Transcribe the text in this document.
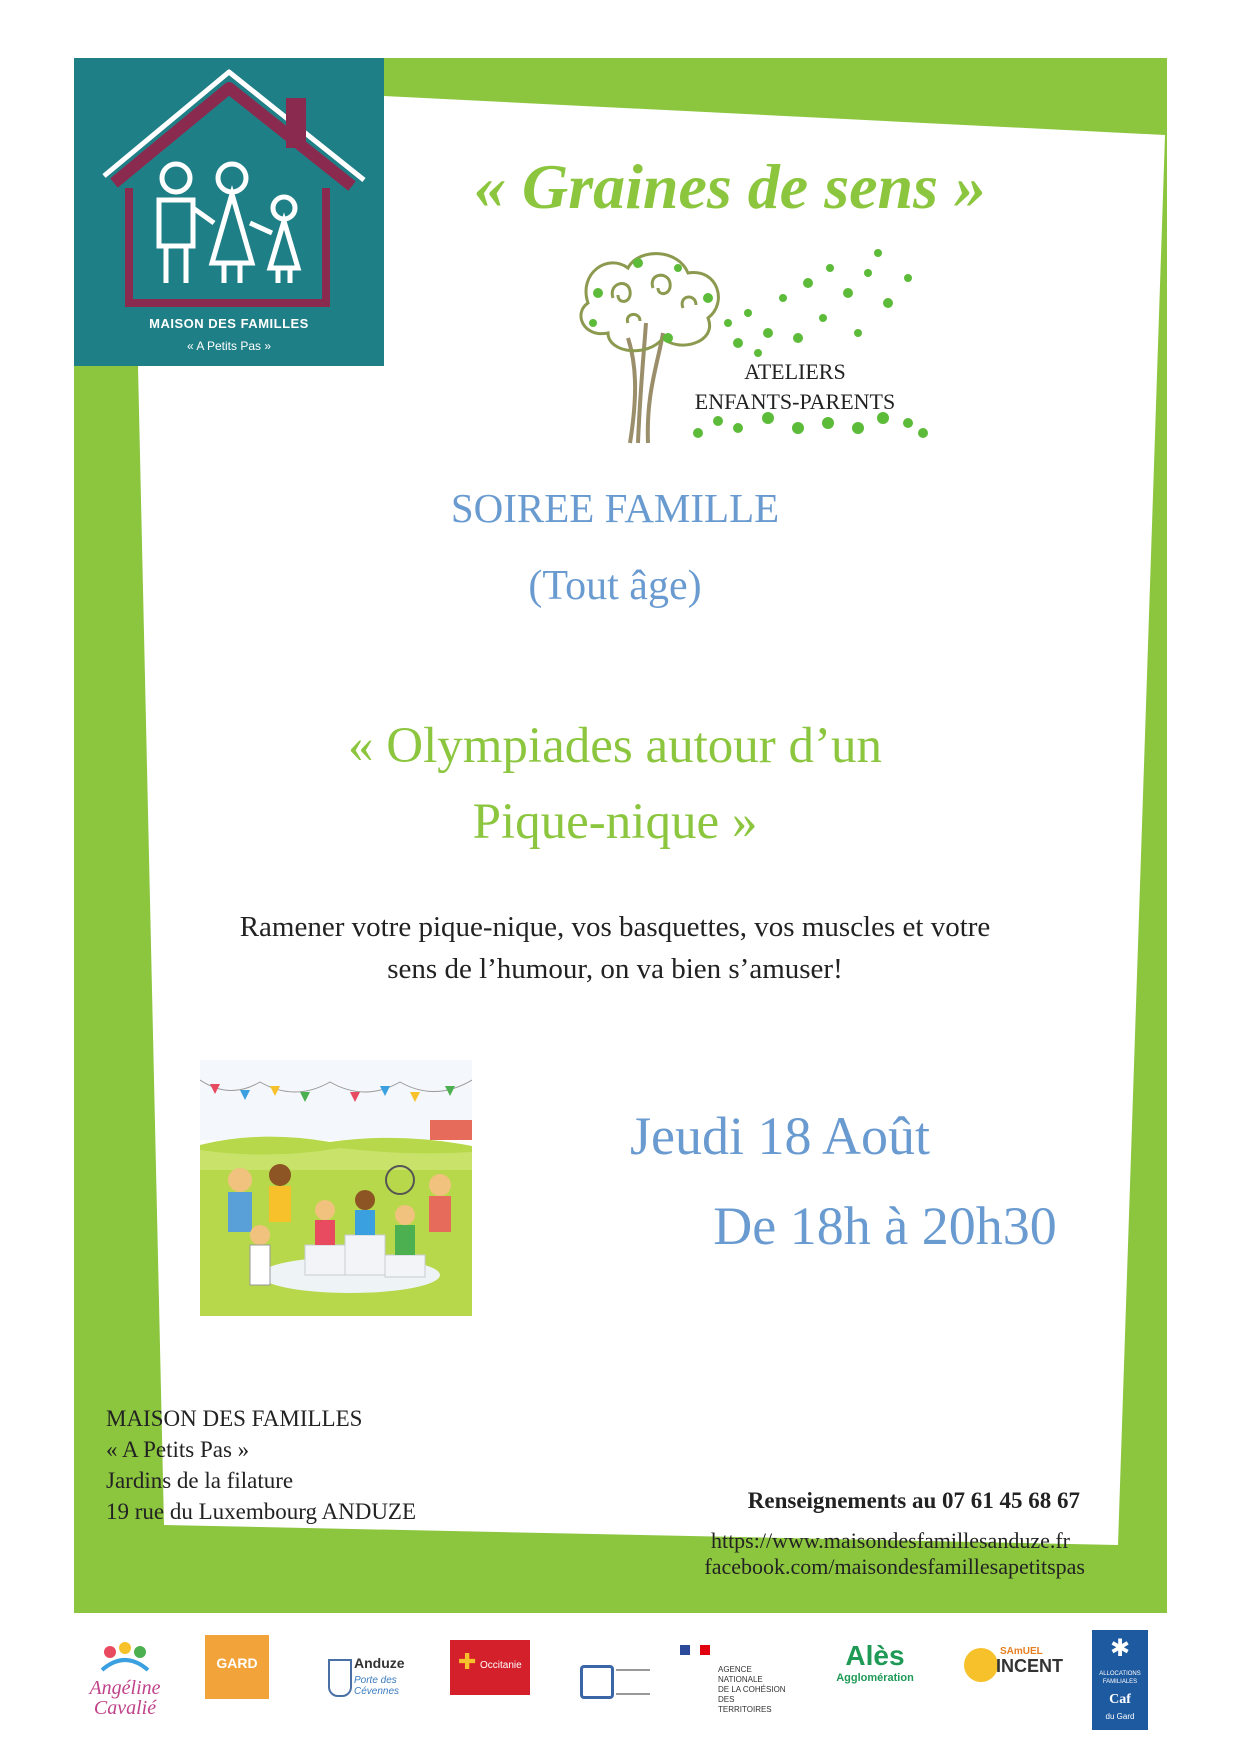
MAISON DES FAMILLES
« A Petits Pas »
« Graines de sens »
ATELIERS
ENFANTS-PARENTS
SOIREE FAMILLE
(Tout âge)
« Olympiades autour d’un
Pique-nique »
Ramener votre pique-nique, vos basquettes, vos muscles et votre
sens de l’humour, on va bien s’amuser!
Jeudi 18 Août
De 18h à 20h30
MAISON DES FAMILLES
« A Petits Pas »
Jardins de la filature
19 rue du Luxembourg ANDUZE	Renseignements au 07 61 45 68 67
https://www.maisondesfamillesanduze.fr
facebook.com/maisondesfamillesapetitspas
Angéline
Cavalié
GARD	Anduze
Porte des Cévennes
✚ Occitanie	AGENCE
NATIONALE
DE LA COHÉSION
DES TERRITOIRES
Alès
Agglomération
SAmUEL
INCENT
✱
ALLOCATIONS
FAMILIALES
Caf
du Gard
